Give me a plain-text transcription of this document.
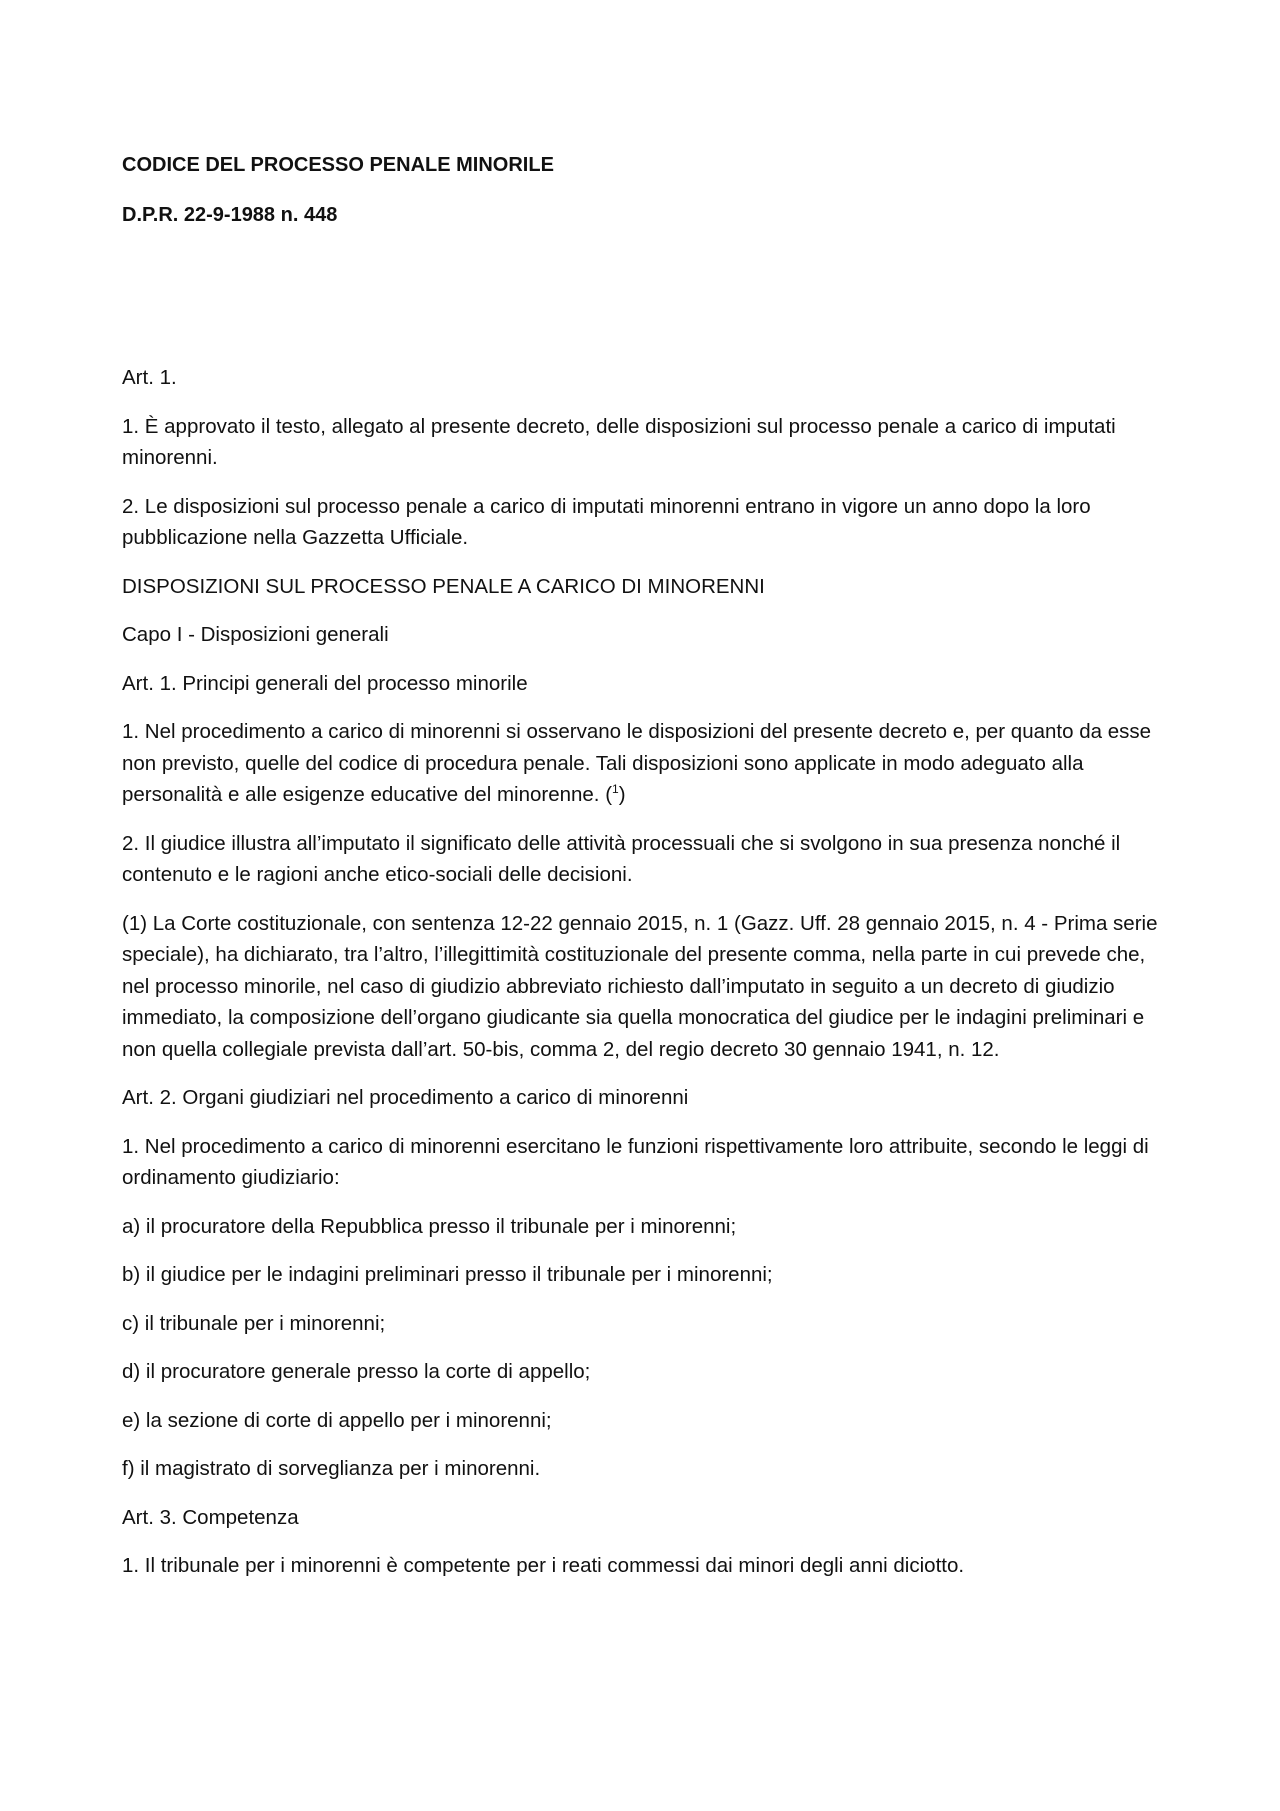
CODICE DEL PROCESSO PENALE MINORILE

D.P.R. 22-9-1988 n. 448

Art. 1.

1. È approvato il testo, allegato al presente decreto, delle disposizioni sul processo penale a carico di imputati minorenni.

2. Le disposizioni sul processo penale a carico di imputati minorenni entrano in vigore un anno dopo la loro pubblicazione nella Gazzetta Ufficiale.

DISPOSIZIONI SUL PROCESSO PENALE A CARICO DI MINORENNI

Capo I - Disposizioni generali

Art. 1. Principi generali del processo minorile

1. Nel procedimento a carico di minorenni si osservano le disposizioni del presente decreto e, per quanto da esse non previsto, quelle del codice di procedura penale. Tali disposizioni sono applicate in modo adeguato alla personalità e alle esigenze educative del minorenne. ($^1$)

2. Il giudice illustra all’imputato il significato delle attività processuali che si svolgono in sua presenza nonché il contenuto e le ragioni anche etico-sociali delle decisioni.

(1) La Corte costituzionale, con sentenza 12-22 gennaio 2015, n. 1 (Gazz. Uff. 28 gennaio 2015, n. 4 - Prima serie speciale), ha dichiarato, tra l’altro, l’illegittimità costituzionale del presente comma, nella parte in cui prevede che, nel processo minorile, nel caso di giudizio abbreviato richiesto dall’imputato in seguito a un decreto di giudizio immediato, la composizione dell’organo giudicante sia quella monocratica del giudice per le indagini preliminari e non quella collegiale prevista dall’art. 50-bis, comma 2, del regio decreto 30 gennaio 1941, n. 12.

Art. 2. Organi giudiziari nel procedimento a carico di minorenni

1. Nel procedimento a carico di minorenni esercitano le funzioni rispettivamente loro attribuite, secondo le leggi di ordinamento giudiziario:

a) il procuratore della Repubblica presso il tribunale per i minorenni;

b) il giudice per le indagini preliminari presso il tribunale per i minorenni;

c) il tribunale per i minorenni;

d) il procuratore generale presso la corte di appello;

e) la sezione di corte di appello per i minorenni;

f) il magistrato di sorveglianza per i minorenni.

Art. 3. Competenza

1. Il tribunale per i minorenni è competente per i reati commessi dai minori degli anni diciotto.
